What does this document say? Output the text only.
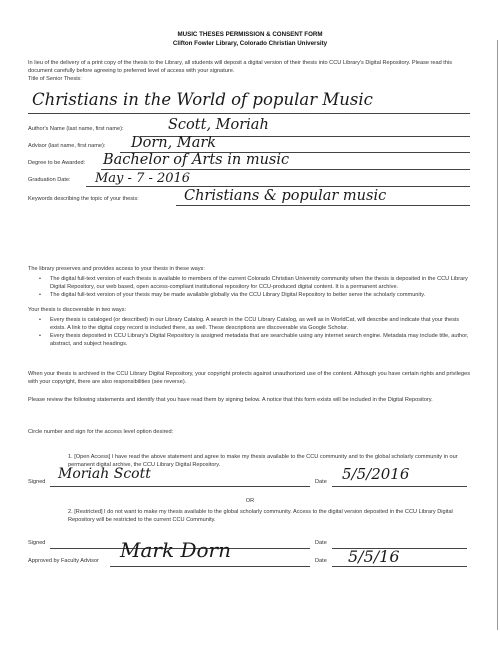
MUSIC THESES PERMISSION & CONSENT FORM
Clifton Fowler Library, Colorado Christian University
In lieu of the delivery of a print copy of the thesis to the Library, all students will deposit a digital version of their thesis into CCU Library's Digital Repository. Please read this document carefully before agreeing to preferred level of access with your signature.
Title of Senior Thesis:
Christians in the World of popular Music
Author's Name (last name, first name):	Scott, Moriah
Advisor (last name, first name): Dorn, Mark
Degree to be Awarded: Bachelor of Arts in music
Graduation Date: May - 7 - 2016
Keywords describing the topic of your thesis:	Christians & popular music
The library preserves and provides access to your thesis in these ways:
• The digital full-text version of each thesis is available to members of the current Colorado Christian University community when the thesis is deposited in the CCU Library Digital Repository, our web based, open access-compliant institutional repository for CCU-produced digital content. It is a permanent archive.
• The digital full-text version of your thesis may be made available globally via the CCU Library Digital Repository to better serve the scholarly community.
Your thesis is discoverable in two ways:
• Every thesis is cataloged (or described) in our Library Catalog. A search in the CCU Library Catalog, as well as in WorldCat, will describe and indicate that your thesis exists. A link to the digital copy record is included there, as well. These descriptions are discoverable via Google Scholar.
• Every thesis deposited in CCU Library's Digital Repository is assigned metadata that are searchable using any internet search engine. Metadata may include title, author, abstract, and subject headings.
When your thesis is archived in the CCU Library Digital Repository, your copyright protects against unauthorized use of the content. Although you have certain rights and privileges with your copyright, there are also responsibilities (see reverse).
Please review the following statements and identify that you have read them by signing below. A notice that this form exists will be included in the Digital Repository.
Circle number and sign for the access level option desired:
1. [Open Access] I have read the above statement and agree to make my thesis available to the CCU community and to the global scholarly community in our permanent digital archive, the CCU Library Digital Repository.
Signed Moriah Scott	Date 5/5/2016
OR
2. [Restricted] I do not want to make my thesis available to the global scholarly community. Access to the digital version deposited in the CCU Library Digital Repository will be restricted to the current CCU Community.
Signed	Date
Approved by Faculty Advisor Mark Dorn	Date 5/5/16
